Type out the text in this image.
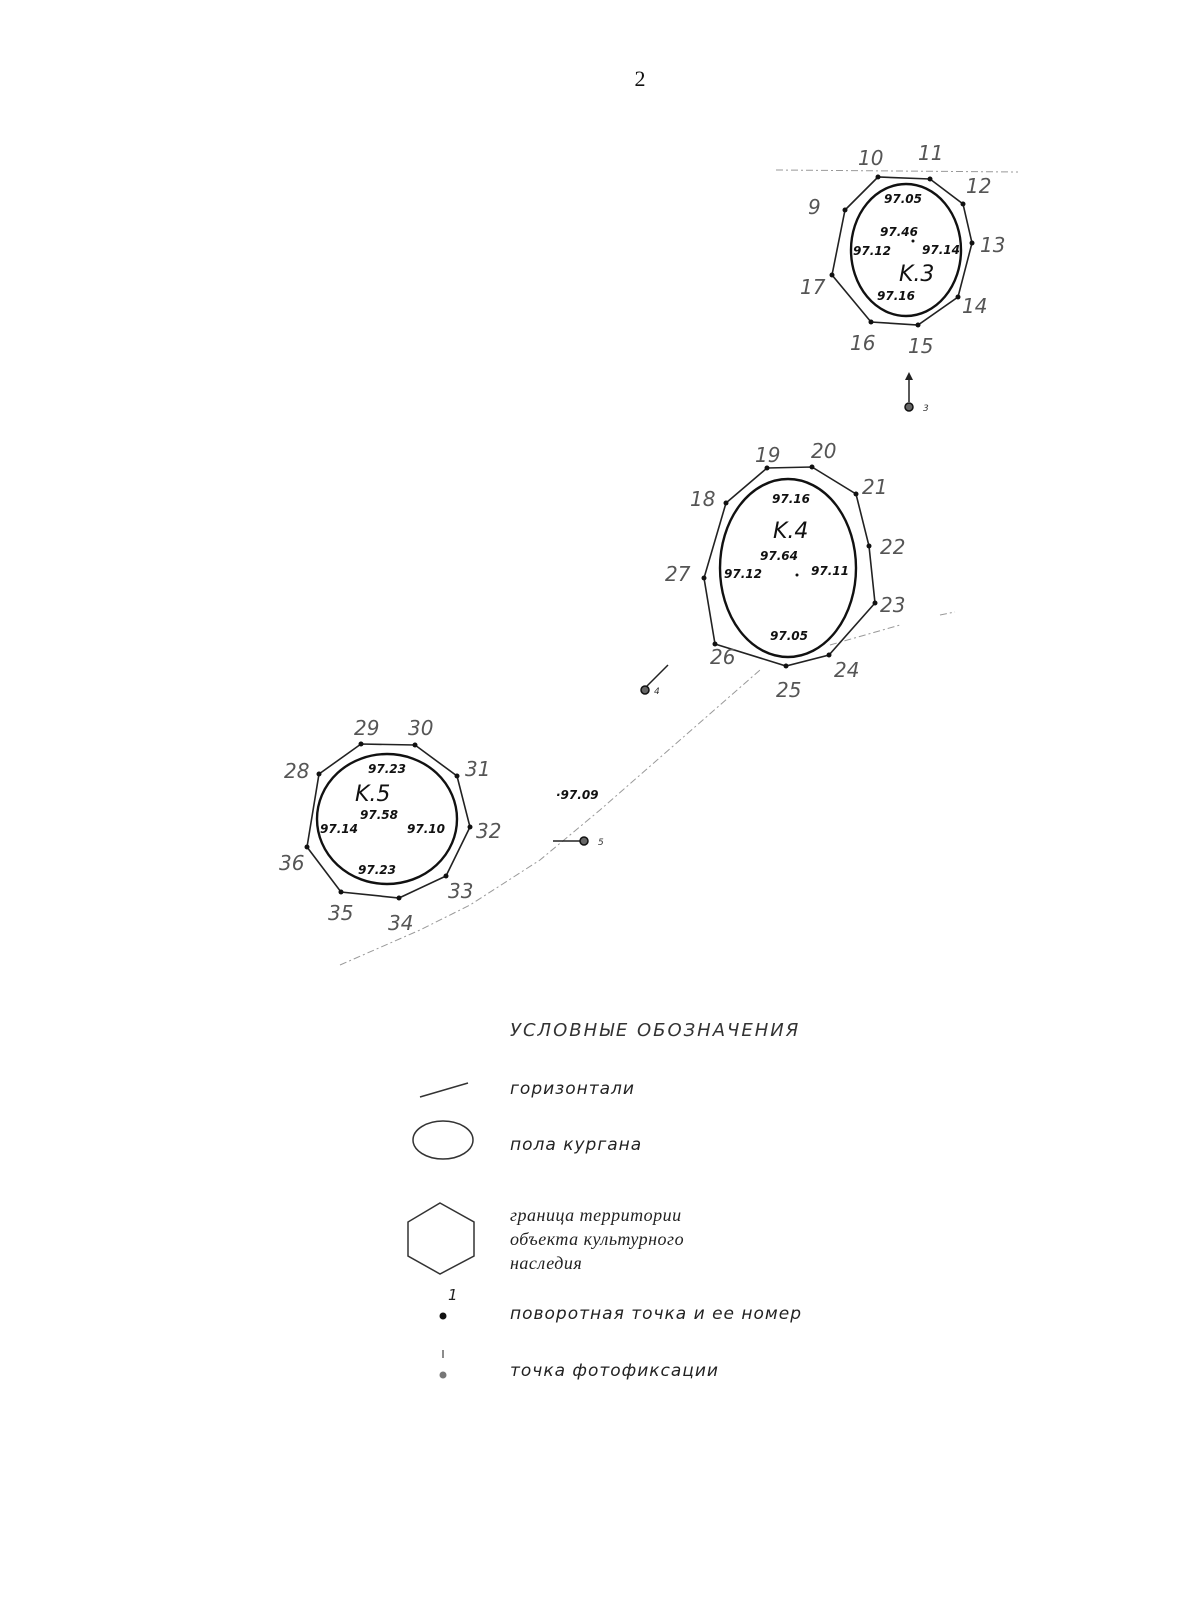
2
9
10 11
12
13
14
15
16
17
97.05
97.46
97.12	97.14
K.3
97.16
3
18
19 20
21
22
23
24
25
26
27
97.16
K.4
97.64
97.12	97.11
97.05
4
28
29 30
31
32
33
34
35
36
97.23
K.5
97.58
97.14	97.10
97.23
·97.09
5
УСЛОВНЫЕ ОБОЗНАЧЕНИЯ
1
горизонтали
пола кургана
граница территории
объекта культурного
наследия
поворотная точка и ее номер
точка фотофиксации
